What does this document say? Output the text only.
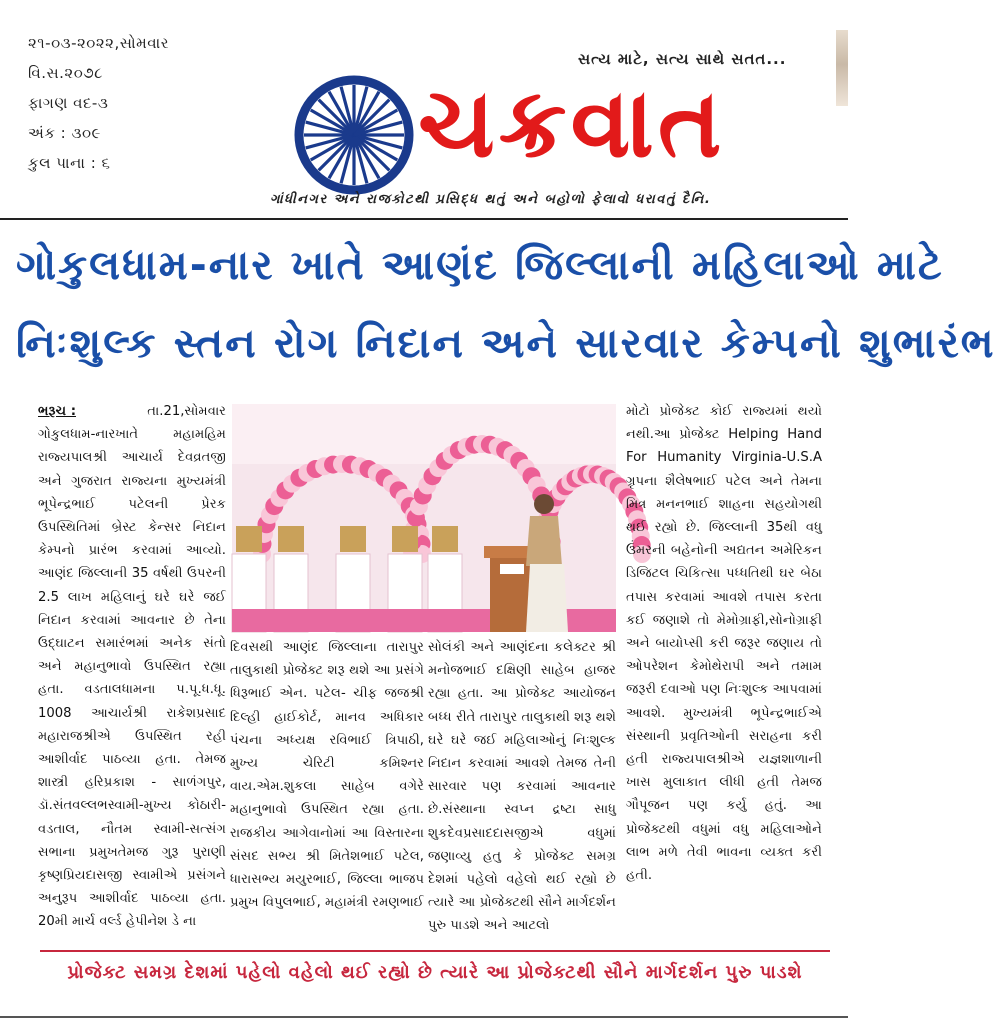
૨૧-૦૩-૨૦૨૨,સોમવાર
વિ.સ.૨૦૭૮
ફાગણ વદ-૩
અંક : ૩૦૯
કુલ પાના : ૬
સત્ય માટે, સત્ય સાથે સતત...
ચક્રવાત
ગાંધીનગર અને રાજકોટથી પ્રસિદ્ધ થતું અને બહોળો ફેલાવો ધરાવતું દૈનિ.
ગોકુલધામ-નાર ખાતે આણંદ જિલ્લાની મહિલાઓ માટે
નિઃશુલ્ક સ્તન રોગ નિદાન અને સારવાર કેમ્પનો શુભારંભ
ભરૂચ :	તા.21,સોમવાર

ગોકુલધામ-નારખાતે મહામહિમ રાજ્યપાલશ્રી આચાર્ય દેવવ્રતજી અને ગુજરાત રાજ્યના મુખ્યમંત્રી ભૂપેન્દ્રભાઈ પટેલની પ્રેરક ઉપસ્થિતિમાં બ્રેસ્ટ કેન્સર નિદાન કેમ્પનો પ્રારંભ કરવામાં આવ્યો. આણંદ જિલ્લાની 35 વર્ષથી ઉપરની 2.5 લાખ મહિલાનું ઘરે ઘરે જઈ નિદાન કરવામાં આવનાર છે તેના ઉદ્‍ઘાટન સમારંભમાં અનેક સંતો અને મહાનુભાવો ઉપસ્થિત રહ્યા હતા. વડતાલધામના પ.પૂ.ધ.ધૂ. 1008 આચાર્યશ્રી રાકેશપ્રસાદ મહારાજશ્રીએ ઉપસ્થિત રહી આશીર્વાદ પાઠવ્યા હતા. તેમજ શાસ્ત્રી હરિપ્રકાશ - સાળંગપુર, ડૉ.સંતવલ્લભસ્વામી-મુખ્ય કોઠારી-વડતાલ, નૌતમ સ્વામી-સત્સંગ સભાના પ્રમુખતેમજ ગુરૂ પુરાણી કૃષ્ણપ્રિયદાસજી સ્વામીએ પ્રસંગને અનુરૂપ આશીર્વાદ પાઠવ્યા હતા. 20મી માર્ચ વર્લ્ડ હેપીનેશ ડે ના

દિવસથી આણંદ જિલ્લાના તારાપુર તાલુકાથી પ્રોજેક્ટ શરૂ થશે આ પ્રસંગે ધિરૂભાઈ એન. પટેલ- ચીફ જજશ્રી દિલ્હી હાઈકોર્ટ, માનવ અધિકાર પંચના અધ્યક્ષ રવિભાઈ ત્રિપાઠી, મુખ્ય ચેરિટી કમિશ્નર વાય.એમ.શુકલા સાહેબ વગેરે મહાનુભાવો ઉપસ્થિત રહ્યા હતા. રાજકીય આગેવાનોમાં આ વિસ્તારના સંસદ સભ્ય શ્રી મિતેશભાઈ પટેલ, ધારાસભ્ય મયુરભાઈ, જિલ્લા ભાજપ પ્રમુખ વિપુલભાઈ, મહામંત્રી રમણભાઈ

સોલંકી અને આણંદના કલેક્ટર શ્રી મનોજભાઈ દક્ષિણી સાહેબ હાજર રહ્યા હતા. આ પ્રોજેક્ટ આયોજન બધ્ધ રીતે તારાપુર તાલુકાથી શરૂ થશે ઘરે ઘરે જઈ મહિલાઓનું નિઃશુલ્ક નિદાન કરવામાં આવશે તેમજ તેની સારવાર પણ કરવામાં આવનાર છે.સંસ્થાના સ્વપ્ન દ્રષ્ટા સાધુ શુકદેવપ્રસાદદાસજીએ વધુમાં જણાવ્યુ હતુ કે પ્રોજેક્ટ સમગ્ર દેશમાં પહેલો વહેલો થઈ રહ્યો છે ત્યારે આ પ્રોજેક્ટથી સૌને માર્ગદર્શન પુરુ પાડશે અને આટલો

મોટો પ્રોજેક્ટ કોઈ રાજ્યમાં થયો નથી.આ પ્રોજેક્ટ Helping Hand For Humanity Virginia-U.S.A ગ્રૃપના શૈલેષભાઈ પટેલ અને તેમના મિત્ર મનનભાઈ શાહના સહયોગથી થઈ રહ્યો છે. જિલ્લાની 35થી વધુ ઉંમરની બહેનોની અદ્યતન અમેરિકન ડિજિટલ ચિકિત્સા પધ્ધતિથી ઘર બેઠા તપાસ કરવામાં આવશે તપાસ કરતા કઈ જણાશે તો મેમોગ્રાફી,સોનોગ્રાફી અને બાયોપ્સી કરી જરૂર જણાય તો ઓપરેશન કેમોથેરાપી અને તમામ જરૂરી દવાઓ પણ નિઃશુલ્ક આપવામાં આવશે. મુખ્યમંત્રી ભૂપેન્દ્રભાઈએ સંસ્થાની પ્રવૃતિઓની સરાહના કરી હતી રાજ્યપાલશ્રીએ યજ્ઞશાળાની ખાસ મુલાકાત લીધી હતી તેમજ ગૌપૂજન પણ કર્યુ હતું. આ પ્રોજેક્ટથી વધુમાં વધુ મહિલાઓને લાભ મળે તેવી ભાવના વ્યક્ત કરી હતી.

પ્રોજેક્ટ સમગ્ર દેશમાં પહેલો વહેલો થઈ રહ્યો છે ત્યારે આ પ્રોજેક્ટથી સૌને માર્ગદર્શન પુરુ પાડશે
